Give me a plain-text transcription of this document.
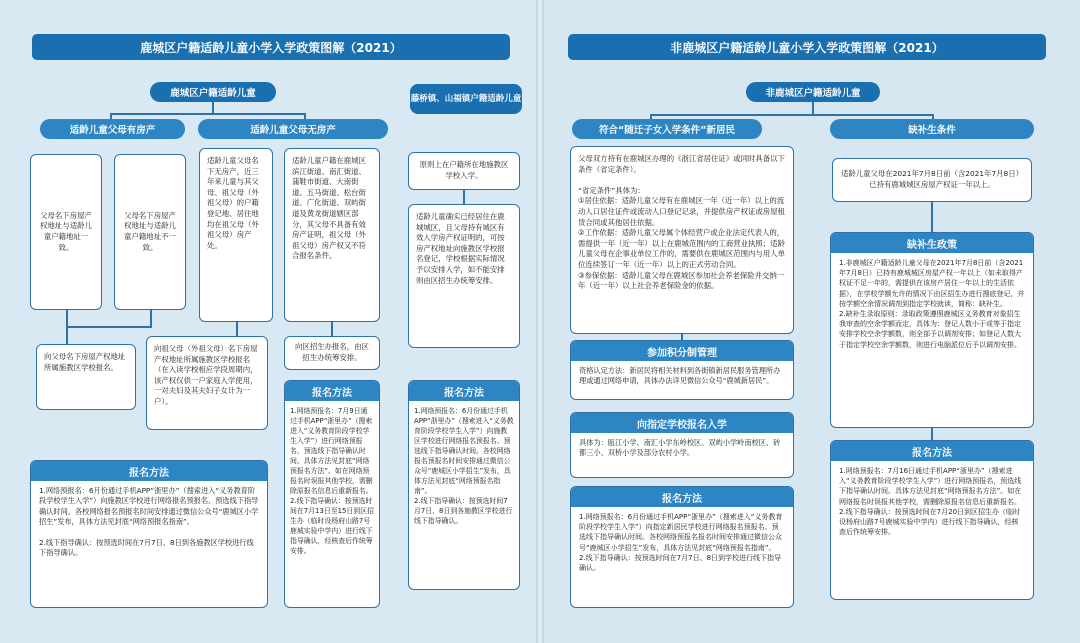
鹿城区户籍适龄儿童小学入学政策图解（2021）
鹿城区户籍适龄儿童	藤桥镇、山福镇户籍适龄儿童
适龄儿童父母有房产	适龄儿童父母无房产
父母名下房屋产权地址与适龄儿童户籍地址一致。
父母名下房屋产权地址与适龄儿童户籍地址不一致。
适龄儿童父母名下无房产，近三年来儿童与其父母、祖父母（外祖父母）的户籍登记地、居住地均在祖父母（外祖父母）房产处。
适龄儿童户籍在鹿城区滨江街道、南汇街道、蒲鞋市街道、大南街道、五马街道、松台街道、广化街道、双屿街道及黄龙街道辖区部分，其父母不具备有效房产证明，祖父母（外祖父母）房产权又不符合报名条件。
原则上在户籍所在地施教区学校入学。
适龄儿童确实已经居住在鹿城城区，且父母持有城区有效入学房产权证明的，可按房产权地址向施教区学校报名登记，学校根据实际情况予以安排入学，如不能安排则由区招生办统筹安排。
向父母名下房屋产权地址所属施教区学校报名。
向祖父母（外祖父母）名下房屋产权地址所属施教区学校报名（在入读学校相应学段周期内，该产权仅供一户家庭入学使用，一对夫妇及其夫妇子女计为一户）。
向区招生办报名，由区招生办统筹安排。
报名方法
1.网络预报名：7月9日通过手机APP“浙里办”（搜索进入“义务教育阶段学校学生入学”）进行网络预报名，预选线下指导确认时间。具体方法见封底“网络预报名方法”。如在网络预报名时误报其他学校，需删除原报名信息后重新报名。
2.线下指导确认：按预选时间在7月13日至15日到区招生办（临时设杨府山路7号鹿城实验中学内）进行线下指导确认，经核查后作统筹安排。
报名方法
1.网络预报名：6月份通过手机APP“浙里办”（搜索进入“义务教育阶段学校学生入学”）向施教区学校进行网络报名预报名、预选线下指导确认时间。各校网络报名预报名时间安排通过微信公众号“鹿城区小学招生”发布，具体方法见封底“网络预报名指南”。
2.线下指导确认：按预选时间7月7日、8日到各施教区学校进行线下指导确认。
报名方法
1.网络预报名：6月份通过手机APP“浙里办”（搜索进入“义务教育阶段学校学生入学”）向施教区学校进行网络报名预报名、预选线下指导确认时间。各校网络报名预报名时间安排通过微信公众号“鹿城区小学招生”发布，具体方法见封底“网络预报名指南”。

2.线下指导确认：按预选时间在7月7日、8日到各施教区学校进行线下指导确认。
非鹿城区户籍适龄儿童小学入学政策图解（2021）
非鹿城区户籍适龄儿童
符合“随迁子女入学条件”新居民	缺补生条件
父母双方持有在鹿城区办理的《浙江省居住证》或同时具备以下条件（省定条件）。

“省定条件”具体为：
①居住依据：适龄儿童父母有在鹿城区一年（近一年）以上的流动人口居住证件或流动人口登记记录，并提供房产权证或房屋租赁合同或其他居住依据。
②工作依据：适龄儿童父母属个体经营户或企业法定代表人的，需提供一年（近一年）以上在鹿城范围内的工商营业执照；适龄儿童父母在企事业单位工作的，需要供在鹿城区范围内与用人单位连续签订一年（近一年）以上的正式劳动合同。
③参保依据：适龄儿童父母在鹿城区参加社会养老保险并交纳一年（近一年）以上社会养老保险金的依据。
适龄儿童父母在2021年7月8日前（含2021年7月8日）已持有鹿城城区房屋产权证一年以上。
参加积分制管理
资格认定方法：新居民将相关材料到各街镇新居民服务管理所办理或通过网络申请，具体办法详见微信公众号“鹿城新居民”。
向指定学校报名入学
具体为：瓯江小学、南汇小学东岭校区、双屿小学岭南校区、砖都三小、双桥小学及部分农村小学。
报名方法
1.网络预报名：6月份通过手机APP“浙里办”（搜索进入“义务教育阶段学校学生入学”）向指定新居民学校进行网络报名预报名、预选线下指导确认时间。各校网络预报名报名时间安排通过微信公众号“鹿城区小学招生”发布，具体方法见封底“网络预报名指南”。
2.线下指导确认：按预选时间在7月7日、8日到学校进行线下指导确认。
缺补生政策
1.非鹿城区户籍适龄儿童父母在2021年7月8日前（含2021年7月8日）已持有鹿城城区房屋产权一年以上（如未取得产权证不足一年的，需提供在该房产居住一年以上的生活依据），在学校学额允许的情况下由区招生办进行搜底登记，并按学额空余情况调剂到指定学校就读，简称：缺补生。
2.缺补生录取原则：录取政策遵照鹿城区义务教育对象招生我审查的空余学额而定，具体为：登记人数小于或等于指定安排学校空余学额数，则全部予以调剂安排；如登记人数大于指定学校空余学额数，则进行电脑派位后予以调剂安排。
报名方法
1.网络预报名：7月16日通过手机APP“浙里办”（搜索进入“义务教育阶段学校学生入学”）进行网络预报名，预选线下指导确认时间。具体方法见封底“网络预报名方法”。如在网络报名时误报其他学校，需删除原报名信息后重新报名。
2.线下指导确认：按预选时间在7月20日到区招生办（临时设杨府山路7号鹿城实验中学内）进行线下指导确认，经核查后作统筹安排。
